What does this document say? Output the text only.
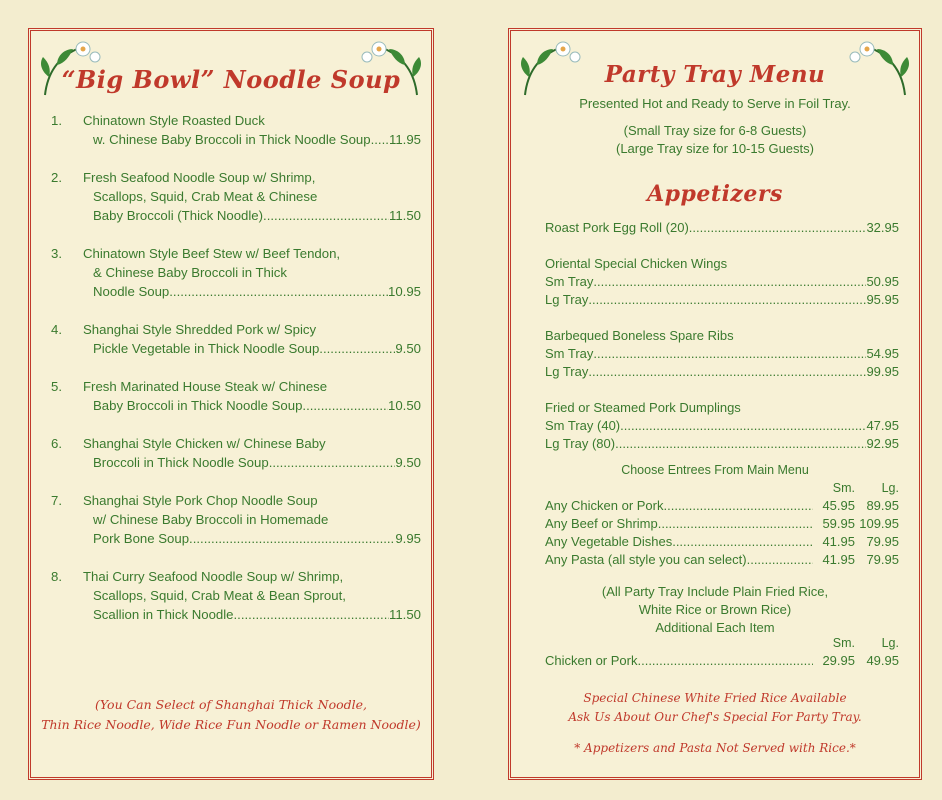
“Big Bowl” Noodle Soup
1.	Chinatown Style Roasted Duck
w. Chinese Baby Broccoli in Thick Noodle Soup ..... 11.95
2.	Fresh Seafood Noodle Soup w/ Shrimp,
Scallops, Squid, Crab Meat & Chinese
Baby Broccoli (Thick Noodle) .....	11.50
3.	Chinatown Style Beef Stew w/ Beef Tendon,
& Chinese Baby Broccoli in Thick
Noodle Soup .....	10.95
4.	Shanghai Style Shredded Pork w/ Spicy
Pickle Vegetable in Thick Noodle Soup .....	9.50
5.	Fresh Marinated House Steak w/ Chinese
Baby Broccoli in Thick Noodle Soup .....	10.50
6.	Shanghai Style Chicken w/ Chinese Baby
Broccoli in Thick Noodle Soup .....	9.50
7.	Shanghai Style Pork Chop Noodle Soup
w/ Chinese Baby Broccoli in Homemade
Pork Bone Soup .....	9.95
8.	Thai Curry Seafood Noodle Soup w/ Shrimp,
Scallops, Squid, Crab Meat & Bean Sprout,
Scallion in Thick Noodle .....	11.50
(You Can Select of Shanghai Thick Noodle,
Thin Rice Noodle, Wide Rice Fun Noodle or Ramen Noodle)
Party Tray Menu
Presented Hot and Ready to Serve in Foil Tray.
(Small Tray size for 6-8 Guests)
(Large Tray size for 10-15 Guests)
Appetizers
Roast Pork Egg Roll (20) .....	32.95
Oriental Special Chicken Wings
Sm Tray .....	50.95
Lg Tray .....	95.95
Barbequed Boneless Spare Ribs
Sm Tray .....	54.95
Lg Tray .....	99.95
Fried or Steamed Pork Dumplings
Sm Tray (40) .....	47.95
Lg Tray (80) .....	92.95
Choose Entrees From Main Menu
Sm.	Lg.
Any Chicken or Pork .....	45.95 89.95
Any Beef or Shrimp .....	59.95 109.95
Any Vegetable Dishes .....	41.95 79.95
Any Pasta (all style you can select) .....	41.95 79.95
(All Party Tray Include Plain Fried Rice,
White Rice or Brown Rice)
Additional Each Item
Sm.	Lg.
Chicken or Pork .....	29.95 49.95
Special Chinese White Fried Rice Available
Ask Us About Our Chef's Special For Party Tray.
* Appetizers and Pasta Not Served with Rice.*
